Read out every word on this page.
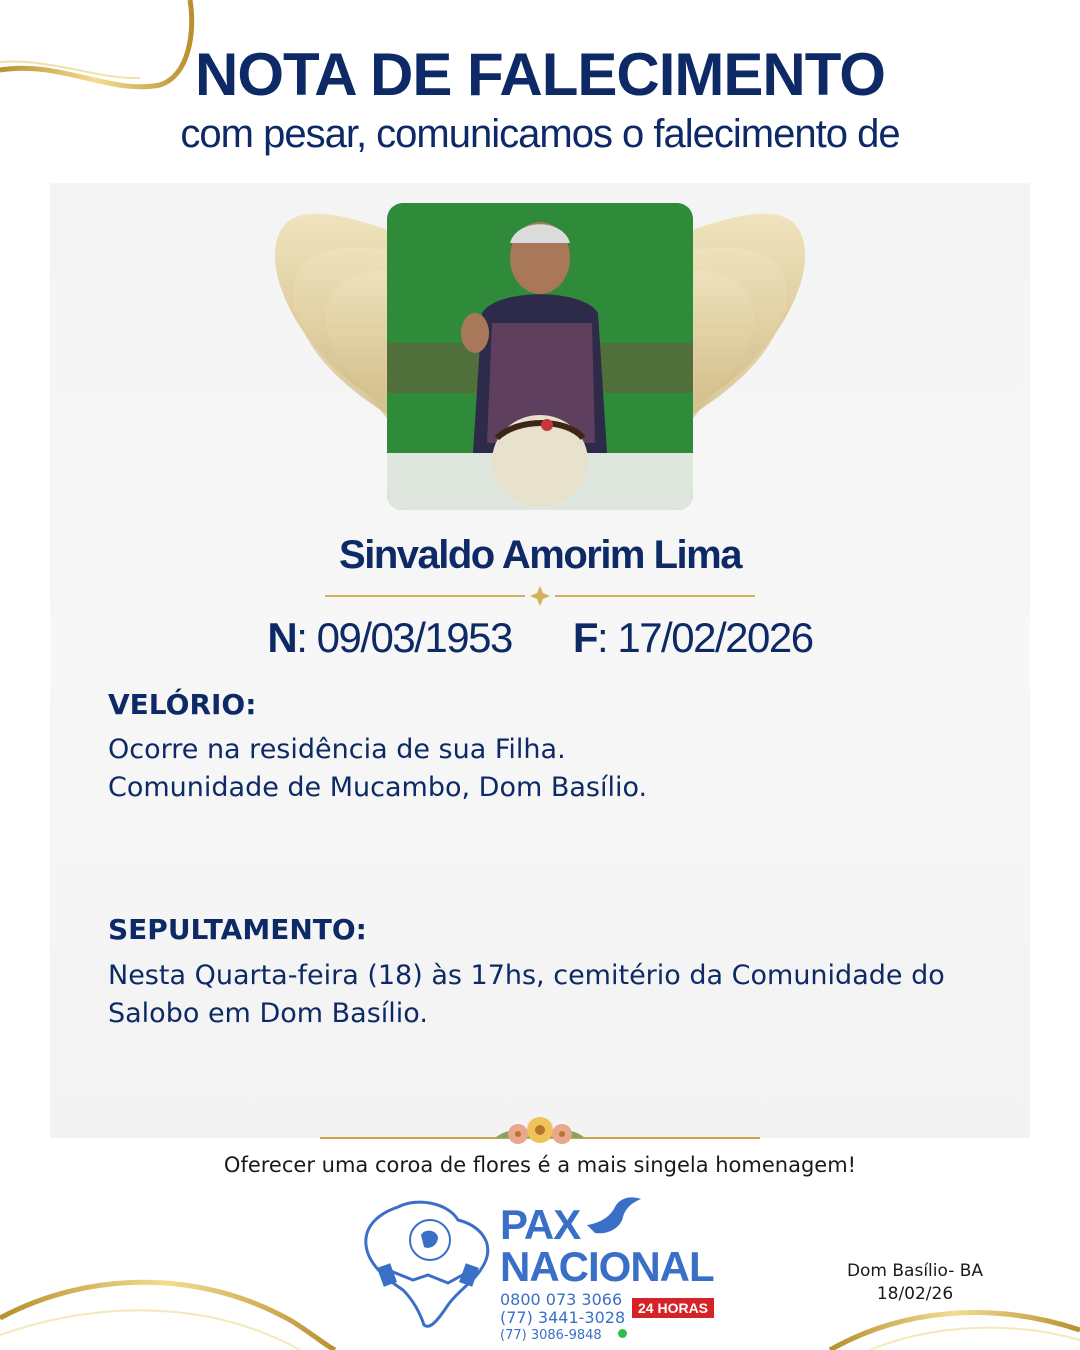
NOTA DE FALECIMENTO
com pesar, comunicamos o falecimento de
Sinvaldo Amorim Lima
N: 09/03/1953 F: 17/02/2026
VELÓRIO:
Ocorre na residência de sua Filha.
Comunidade de Mucambo, Dom Basílio.
SEPULTAMENTO:
Nesta Quarta-feira (18) às 17hs, cemitério da Comunidade do
Salobo em Dom Basílio.
Oferecer uma coroa de flores é a mais singela homenagem!
PAX
NACIONAL
0800 073 3066
(77) 3441-3028
(77) 3086-9848
24 HORAS
Dom Basílio- BA
18/02/26
